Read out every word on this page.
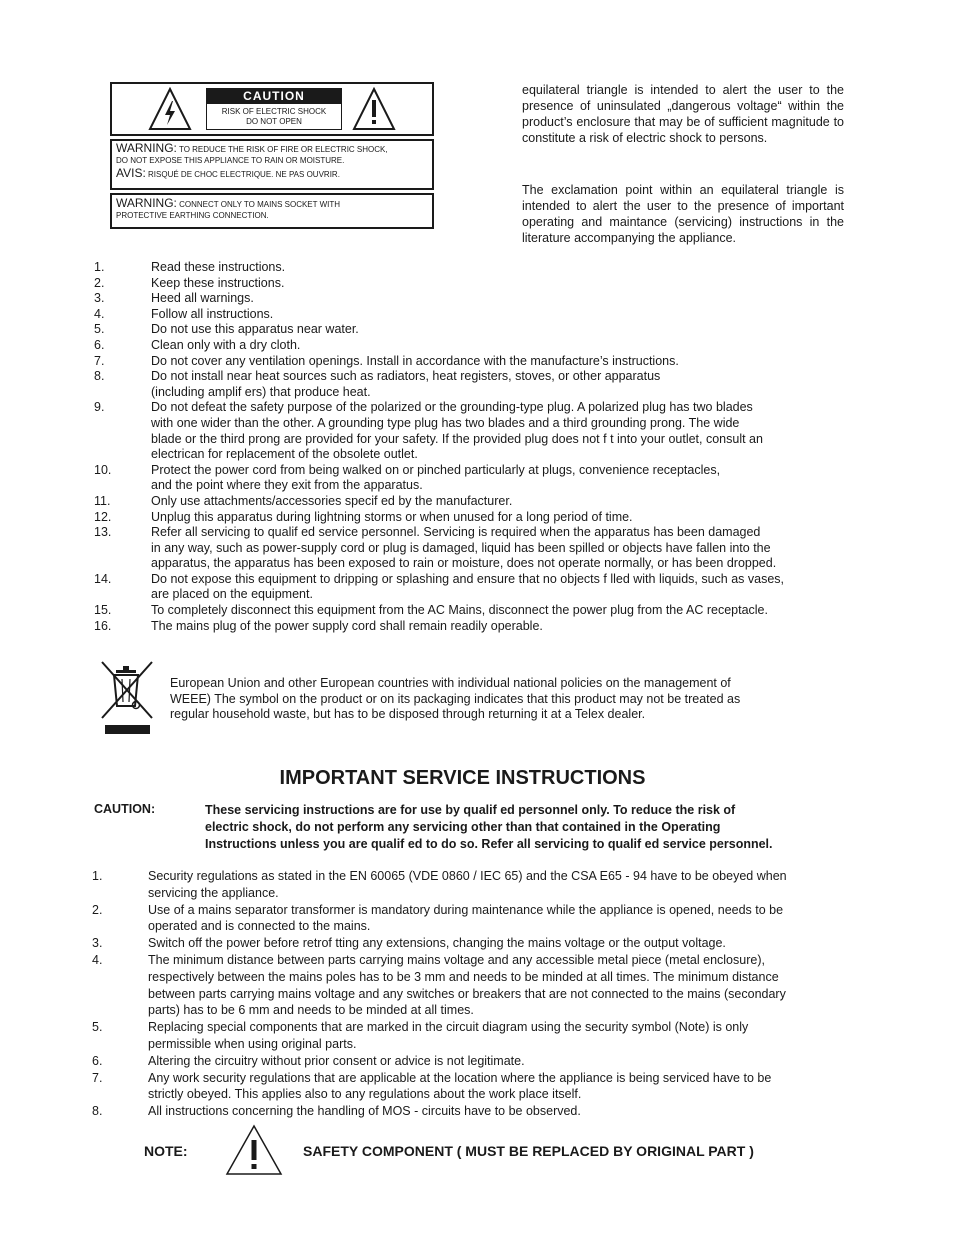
CAUTION
RISK OF ELECTRIC SHOCK
DO NOT OPEN
WARNING: TO REDUCE THE RISK OF FIRE OR ELECTRIC SHOCK,
DO NOT EXPOSE THIS APPLIANCE TO RAIN OR MOISTURE.
AVIS: RISQUÉ DE CHOC ELECTRIQUE. NE PAS OUVRIR.
WARNING: CONNECT ONLY TO MAINS SOCKET WITH
PROTECTIVE EARTHING CONNECTION.
equilateral triangle is intended to alert the user to the presence of uninsulated „dangerous voltage“ within the product’s enclosure that may be of sufficient magnitude to constitute a risk of electric shock to persons.
The exclamation point within an equilateral triangle is intended to alert the user to the presence of important operating and maintance (servicing) instructions in the literature accompanying the appliance.
1.	Read these instructions.
2.	Keep these instructions.
3.	Heed all warnings.
4.	Follow all instructions.
5.	Do not use this apparatus near water.
6.	Clean only with a dry cloth.
7.	Do not cover any ventilation openings. Install in accordance with the manufacture’s instructions.
8.	Do not install near heat sources such as radiators, heat registers, stoves, or other apparatus
(including amplif ers) that produce heat.
9.	Do not defeat the safety purpose of the polarized or the grounding-type plug. A polarized plug has two blades
with one wider than the other. A grounding type plug has two blades and a third grounding prong. The wide
blade or the third prong are provided for your safety. If the provided plug does not f t into your outlet, consult an
electrican for replacement of the obsolete outlet.
10.	Protect the power cord from being walked on or pinched particularly at plugs, convenience receptacles,
and the point where they exit from the apparatus.
11.	Only use attachments/accessories specif ed by the manufacturer.
12.	Unplug this apparatus during lightning storms or when unused for a long period of time.
13.	Refer all servicing to qualif ed service personnel. Servicing is required when the apparatus has been damaged
in any way, such as power-supply cord or plug is damaged, liquid has been spilled or objects have fallen into the
apparatus, the apparatus has been exposed to rain or moisture, does not operate normally, or has been dropped.
14.	Do not expose this equipment to dripping or splashing and ensure that no objects f lled with liquids, such as vases,
are placed on the equipment.
15.	To completely disconnect this equipment from the AC Mains, disconnect the power plug from the AC receptacle.
16.	The mains plug of the power supply cord shall remain readily operable.
European Union and other European countries with individual national policies on the management of
WEEE) The symbol on the product or on its packaging indicates that this product may not be treated as
regular household waste, but has to be disposed through returning it at a Telex dealer.
IMPORTANT SERVICE INSTRUCTIONS
CAUTION:	These servicing instructions are for use by qualif ed personnel only. To reduce the risk of
electric shock, do not perform any servicing other than that contained in the Operating
Instructions unless you are qualif ed to do so. Refer all servicing to qualif ed service personnel.
1.	Security regulations as stated in the EN 60065 (VDE 0860 / IEC 65) and the CSA E65 - 94 have to be obeyed when
servicing the appliance.
2.	Use of a mains separator transformer is mandatory during maintenance while the appliance is opened, needs to be
operated and is connected to the mains.
3.	Switch off the power before retrof tting any extensions, changing the mains voltage or the output voltage.
4.	The minimum distance between parts carrying mains voltage and any accessible metal piece (metal enclosure),
respectively between the mains poles has to be 3 mm and needs to be minded at all times. The minimum distance
between parts carrying mains voltage and any switches or breakers that are not connected to the mains (secondary
parts) has to be 6 mm and needs to be minded at all times.
5.	Replacing special components that are marked in the circuit diagram using the security symbol (Note) is only
permissible when using original parts.
6.	Altering the circuitry without prior consent or advice is not legitimate.
7.	Any work security regulations that are applicable at the location where the appliance is being serviced have to be
strictly obeyed. This applies also to any regulations about the work place itself.
8.	All instructions concerning the handling of MOS - circuits have to be observed.
NOTE:	SAFETY COMPONENT ( MUST BE REPLACED BY ORIGINAL PART )
